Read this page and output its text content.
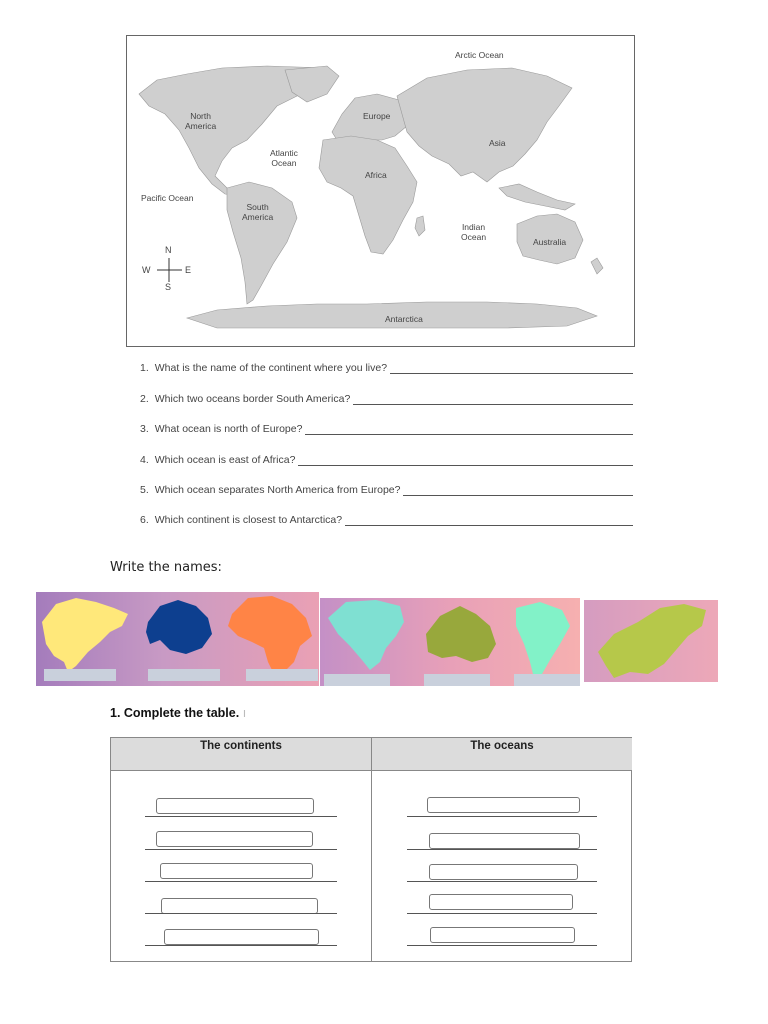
Arctic Ocean
North
America
Europe
Asia
Atlantic
Ocean
Africa
Pacific Ocean
South
America
Indian
Ocean	Australia
Antarctica
N
S
E
W
1. What is the name of the continent where you live?
2. Which two oceans border South America?
3. What ocean is north of Europe?
4. Which ocean is east of Africa?
5. Which ocean separates North America from Europe?
6. Which continent is closest to Antarctica?
Write the names:
1. Complete the table. ı
The continents	The oceans
